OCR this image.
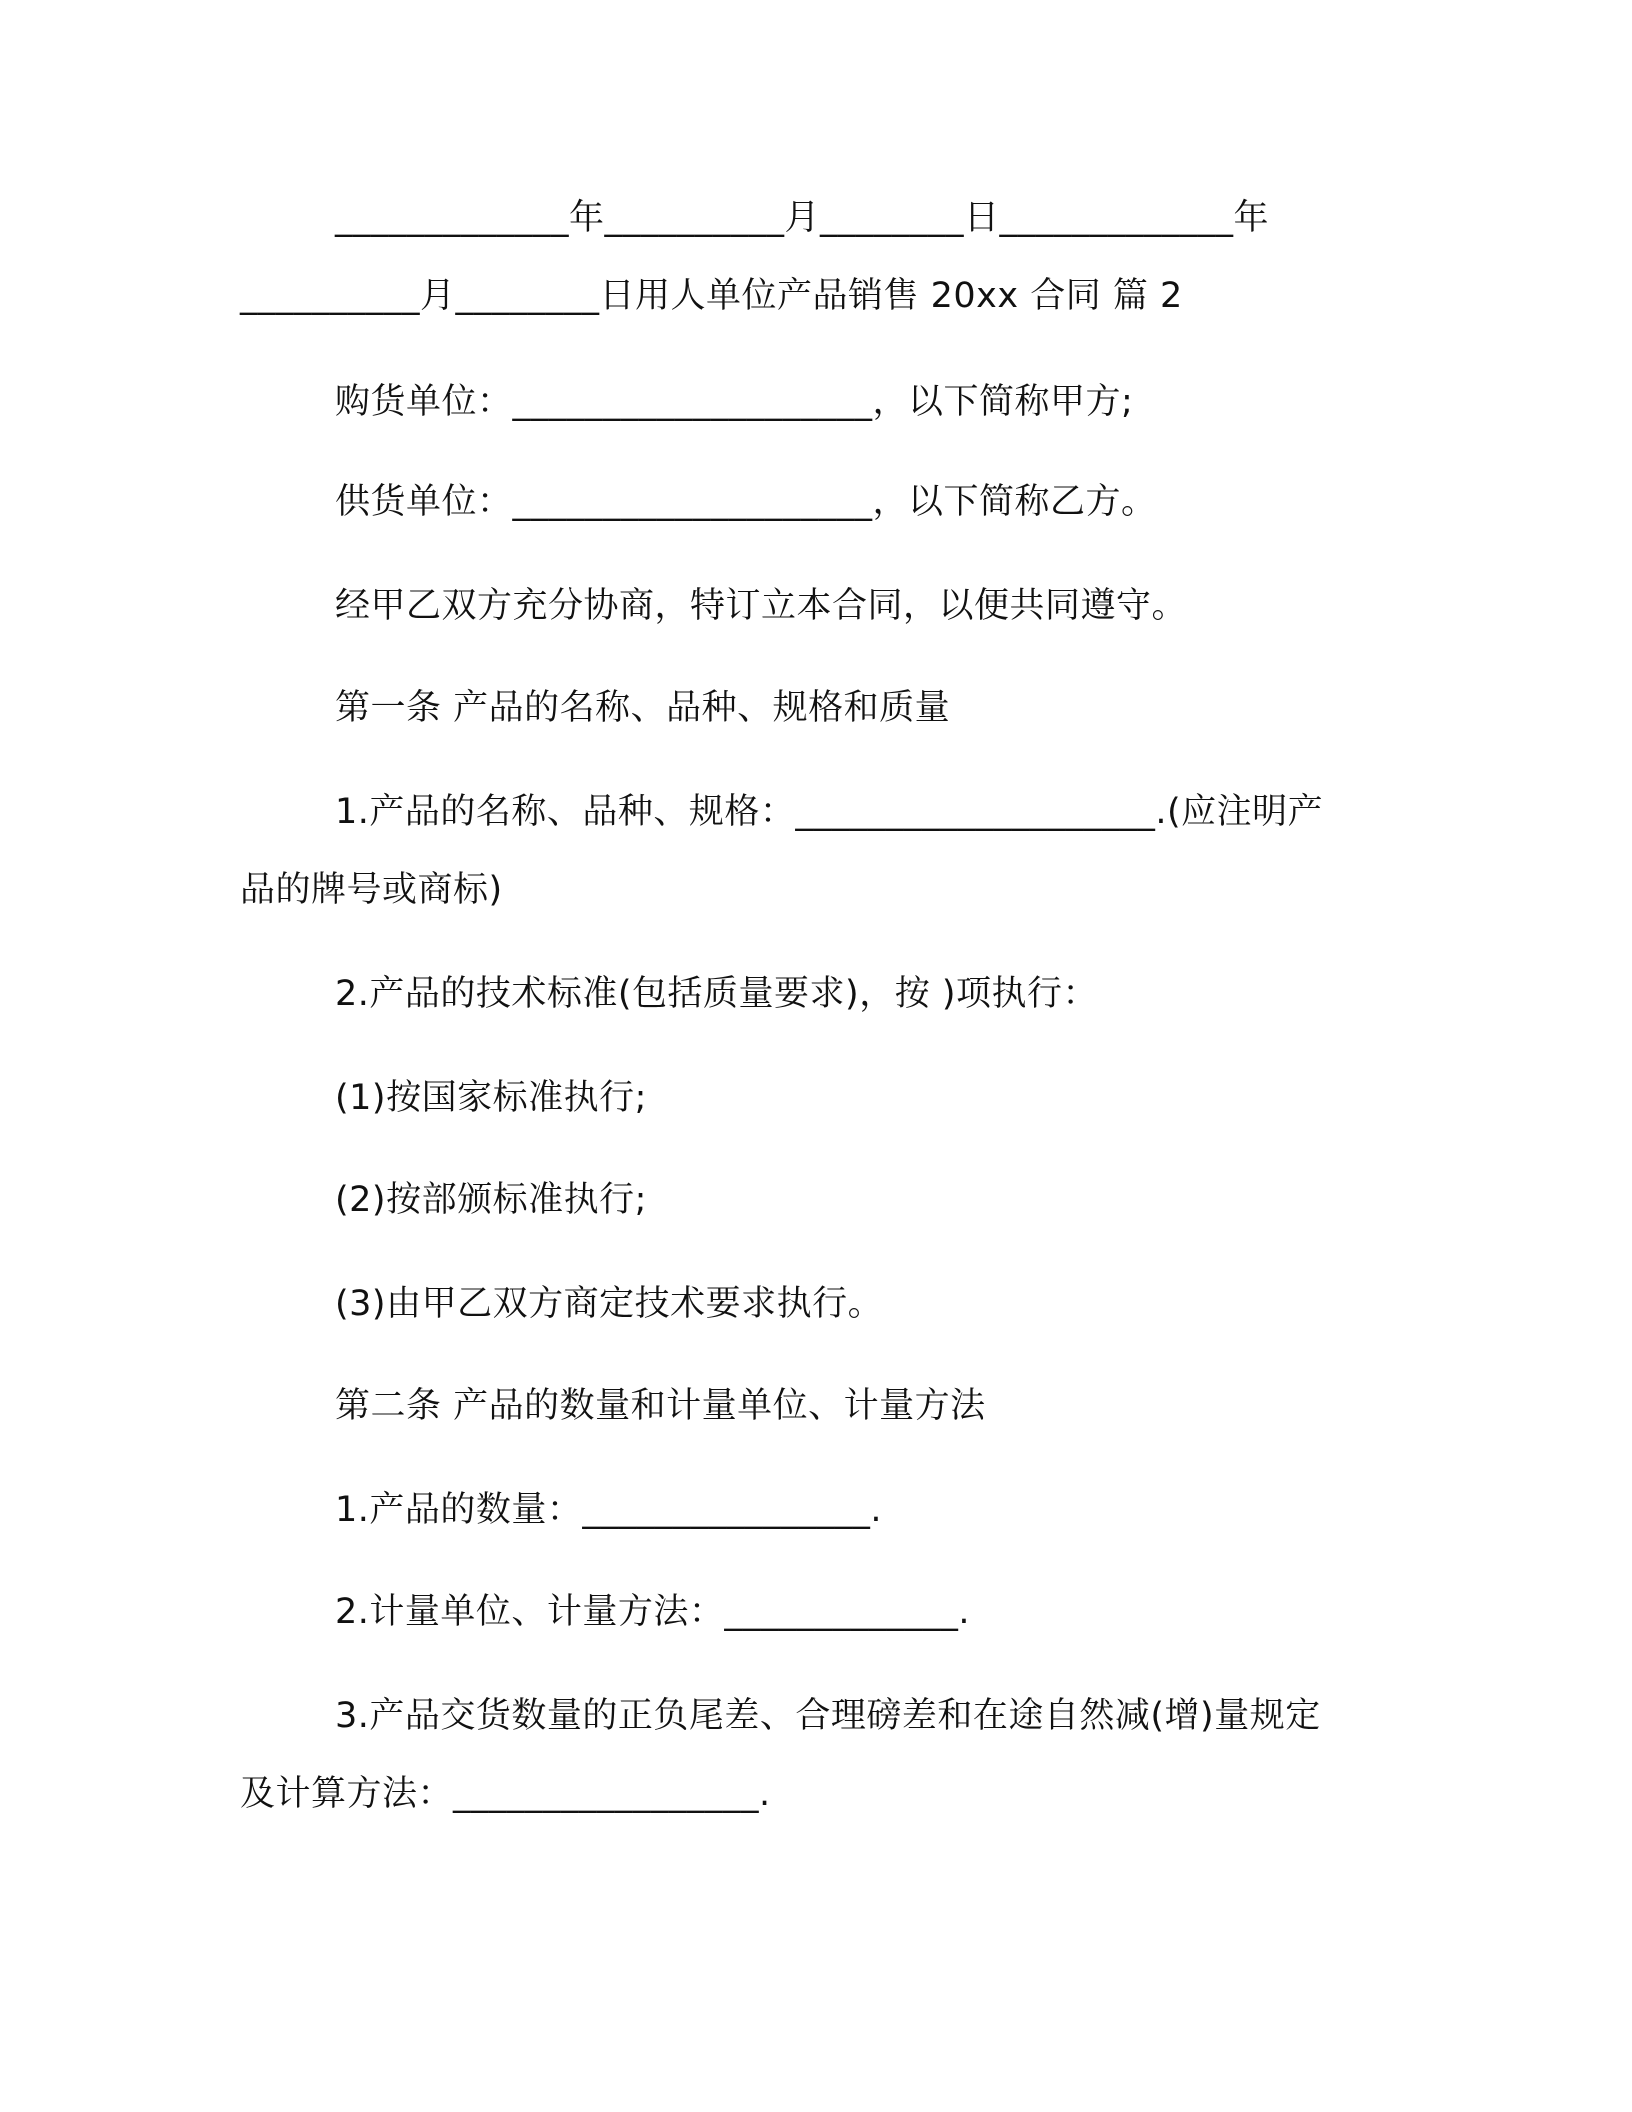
_____________年__________月________日_____________年
__________月________日用人单位产品销售 20xx 合同 篇 2
购货单位：____________________，以下简称甲方;
供货单位：____________________，以下简称乙方。
经甲乙双方充分协商，特订立本合同，以便共同遵守。
第一条 产品的名称、品种、规格和质量
1.产品的名称、品种、规格：____________________.(应注明产
品的牌号或商标)
2.产品的技术标准(包括质量要求)，按 )项执行：
(1)按国家标准执行;
(2)按部颁标准执行;
(3)由甲乙双方商定技术要求执行。
第二条 产品的数量和计量单位、计量方法
1.产品的数量：________________.
2.计量单位、计量方法：_____________.
3.产品交货数量的正负尾差、合理磅差和在途自然减(增)量规定
及计算方法：_________________.
